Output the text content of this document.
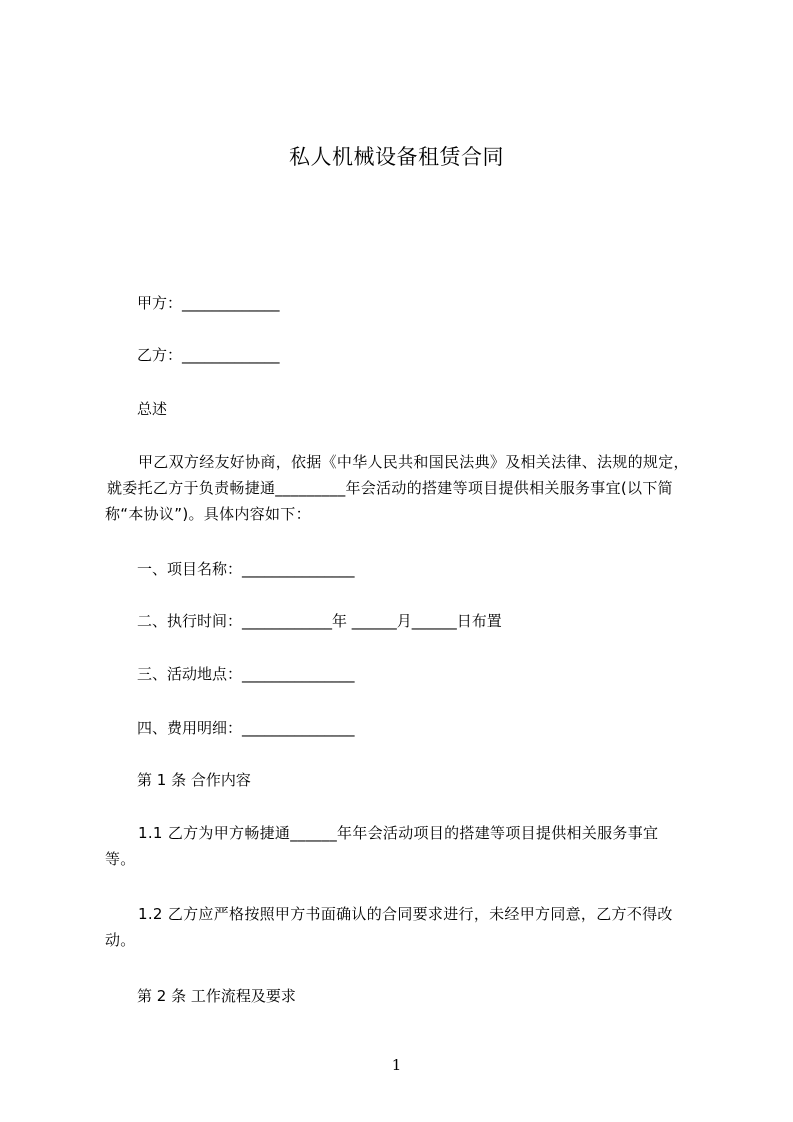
私人机械设备租赁合同
甲方：_____________
乙方：_____________
总述
甲乙双方经友好协商，依据《中华人民共和国民法典》及相关法律、法规的规定，
就委托乙方于负责畅捷通_________年会活动的搭建等项目提供相关服务事宜(以下简
称“本协议”)。具体内容如下：
一、项目名称：_______________
二、执行时间：____________年 ______月______日布置
三、活动地点：_______________
四、费用明细：_______________
第 1 条 合作内容
1.1 乙方为甲方畅捷通______年年会活动项目的搭建等项目提供相关服务事宜
等。
1.2 乙方应严格按照甲方书面确认的合同要求进行，未经甲方同意，乙方不得改
动。
第 2 条 工作流程及要求
1
